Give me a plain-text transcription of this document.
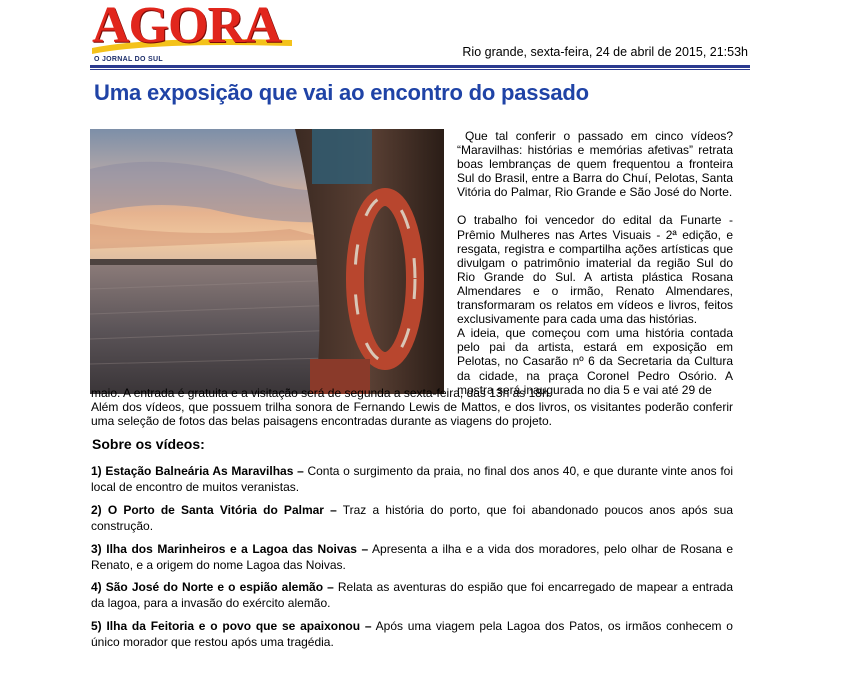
AGORA
O JORNAL DO SUL
Rio grande, sexta-feira, 24 de abril de 2015, 21:53h
Uma exposição que vai ao encontro do passado

Que tal conferir o passado em cinco vídeos? “Maravilhas: histórias e memórias afetivas” retrata boas lembranças de quem frequentou a fronteira Sul do Brasil, entre a Barra do Chuí, Pelotas, Santa Vitória do Palmar, Rio Grande e São José do Norte.

O trabalho foi vencedor do edital da Funarte - Prêmio Mulheres nas Artes Visuais - 2ª edição, e resgata, registra e compartilha ações artísticas que divulgam o patrimônio imaterial da região Sul do Rio Grande do Sul. A artista plástica Rosana Almendares e o irmão, Renato Almendares, transformaram os relatos em vídeos e livros, feitos exclusivamente para cada uma das histórias.

A ideia, que começou com uma história contada pelo pai da artista, estará em exposição em Pelotas, no Casarão nº 6 da Secretaria da Cultura da cidade, na praça Coronel Pedro Osório. A mostra será inaugurada no dia 5 e vai até 29 de

maio. A entrada é gratuita e a visitação será de segunda a sexta-feira, das 13h às 18h.

Além dos vídeos, que possuem trilha sonora de Fernando Lewis de Mattos, e dos livros, os visitantes poderão conferir uma seleção de fotos das belas paisagens encontradas durante as viagens do projeto.

Sobre os vídeos:
1) Estação Balneária As Maravilhas – Conta o surgimento da praia, no final dos anos 40, e que durante vinte anos foi local de encontro de muitos veranistas.
2) O Porto de Santa Vitória do Palmar – Traz a história do porto, que foi abandonado poucos anos após sua construção.
3) Ilha dos Marinheiros e a Lagoa das Noivas – Apresenta a ilha e a vida dos moradores, pelo olhar de Rosana e Renato, e a origem do nome Lagoa das Noivas.
4) São José do Norte e o espião alemão – Relata as aventuras do espião que foi encarregado de mapear a entrada da lagoa, para a invasão do exército alemão.
5) Ilha da Feitoria e o povo que se apaixonou – Após uma viagem pela Lagoa dos Patos, os irmãos conhecem o único morador que restou após uma tragédia.
